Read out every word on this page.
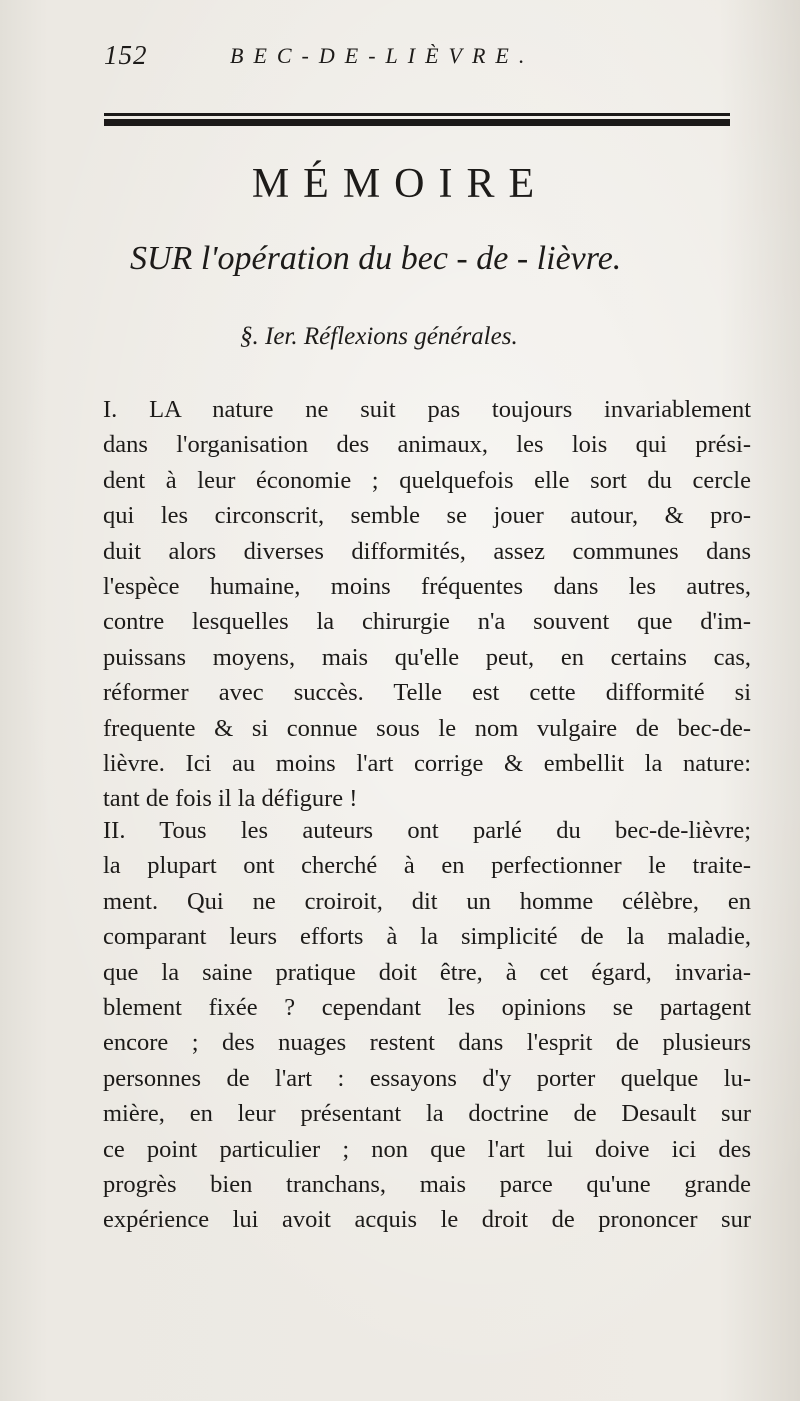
152	BEC-DE-LIÈVRE.
MÉMOIRE
SUR l'opération du bec - de - lièvre.
§. Ier. Réflexions générales.
I. LA nature ne suit pas toujours invariablement
dans l'organisation des animaux, les lois qui prési-
dent à leur économie ; quelquefois elle sort du cercle
qui les circonscrit, semble se jouer autour, & pro-
duit alors diverses difformités, assez communes dans
l'espèce humaine, moins fréquentes dans les autres,
contre lesquelles la chirurgie n'a souvent que d'im-
puissans moyens, mais qu'elle peut, en certains cas,
réformer avec succès. Telle est cette difformité si
frequente & si connue sous le nom vulgaire de bec-de-
lièvre. Ici au moins l'art corrige & embellit la nature:
tant de fois il la défigure !
II. Tous les auteurs ont parlé du bec-de-lièvre;
la plupart ont cherché à en perfectionner le traite-
ment. Qui ne croiroit, dit un homme célèbre, en
comparant leurs efforts à la simplicité de la maladie,
que la saine pratique doit être, à cet égard, invaria-
blement fixée ? cependant les opinions se partagent
encore ; des nuages restent dans l'esprit de plusieurs
personnes de l'art : essayons d'y porter quelque lu-
mière, en leur présentant la doctrine de Desault sur
ce point particulier ; non que l'art lui doive ici des
progrès bien tranchans, mais parce qu'une grande
expérience lui avoit acquis le droit de prononcer sur
